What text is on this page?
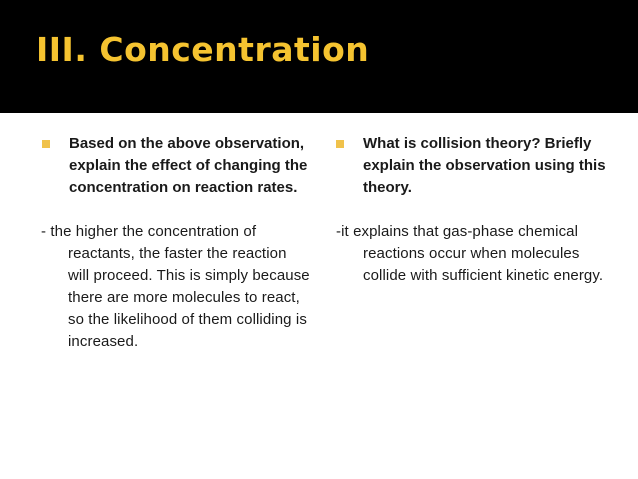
III. Concentration
Based on the above observation, explain the effect of changing the concentration on reaction rates.
- the higher the concentration of reactants, the faster the reaction will proceed. This is simply because there are more molecules to react, so the likelihood of them colliding is increased.
What is collision theory? Briefly explain the observation using this theory.
-it explains that gas-phase chemical reactions occur when molecules collide with sufficient kinetic energy.
